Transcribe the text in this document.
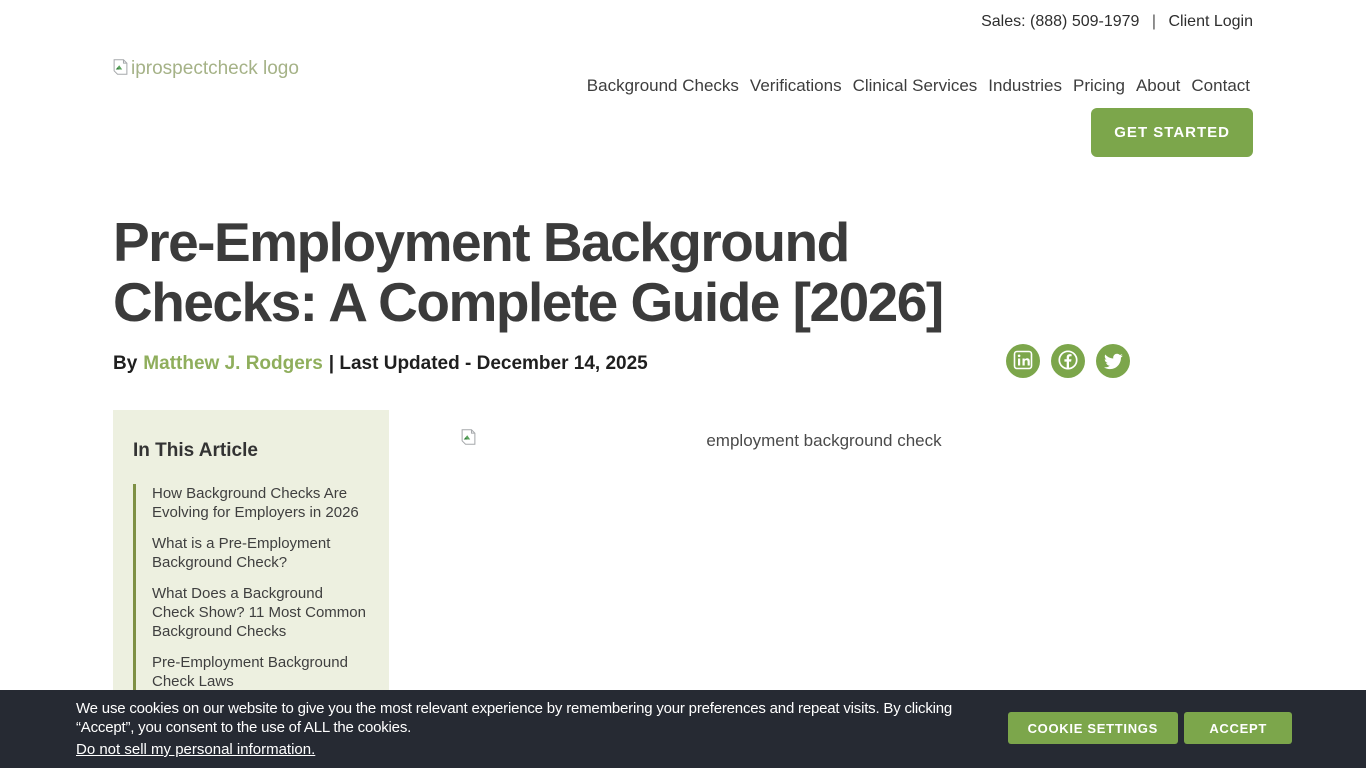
Sales: (888) 509-1979 | Client Login
iprospectcheck logo
Background Checks Verifications Clinical Services Industries Pricing About Contact
GET STARTED
Pre-Employment Background Checks: A Complete Guide [2026]
By Matthew J. Rodgers | Last Updated - December 14, 2025
In This Article
How Background Checks Are Evolving for Employers in 2026
What is a Pre-Employment Background Check?
What Does a Background Check Show? 11 Most Common Background Checks
Pre-Employment Background Check Laws
employment background check
We use cookies on our website to give you the most relevant experience by remembering your preferences and repeat visits. By clicking “Accept”, you consent to the use of ALL the cookies.
Do not sell my personal information.
COOKIE SETTINGS	ACCEPT
